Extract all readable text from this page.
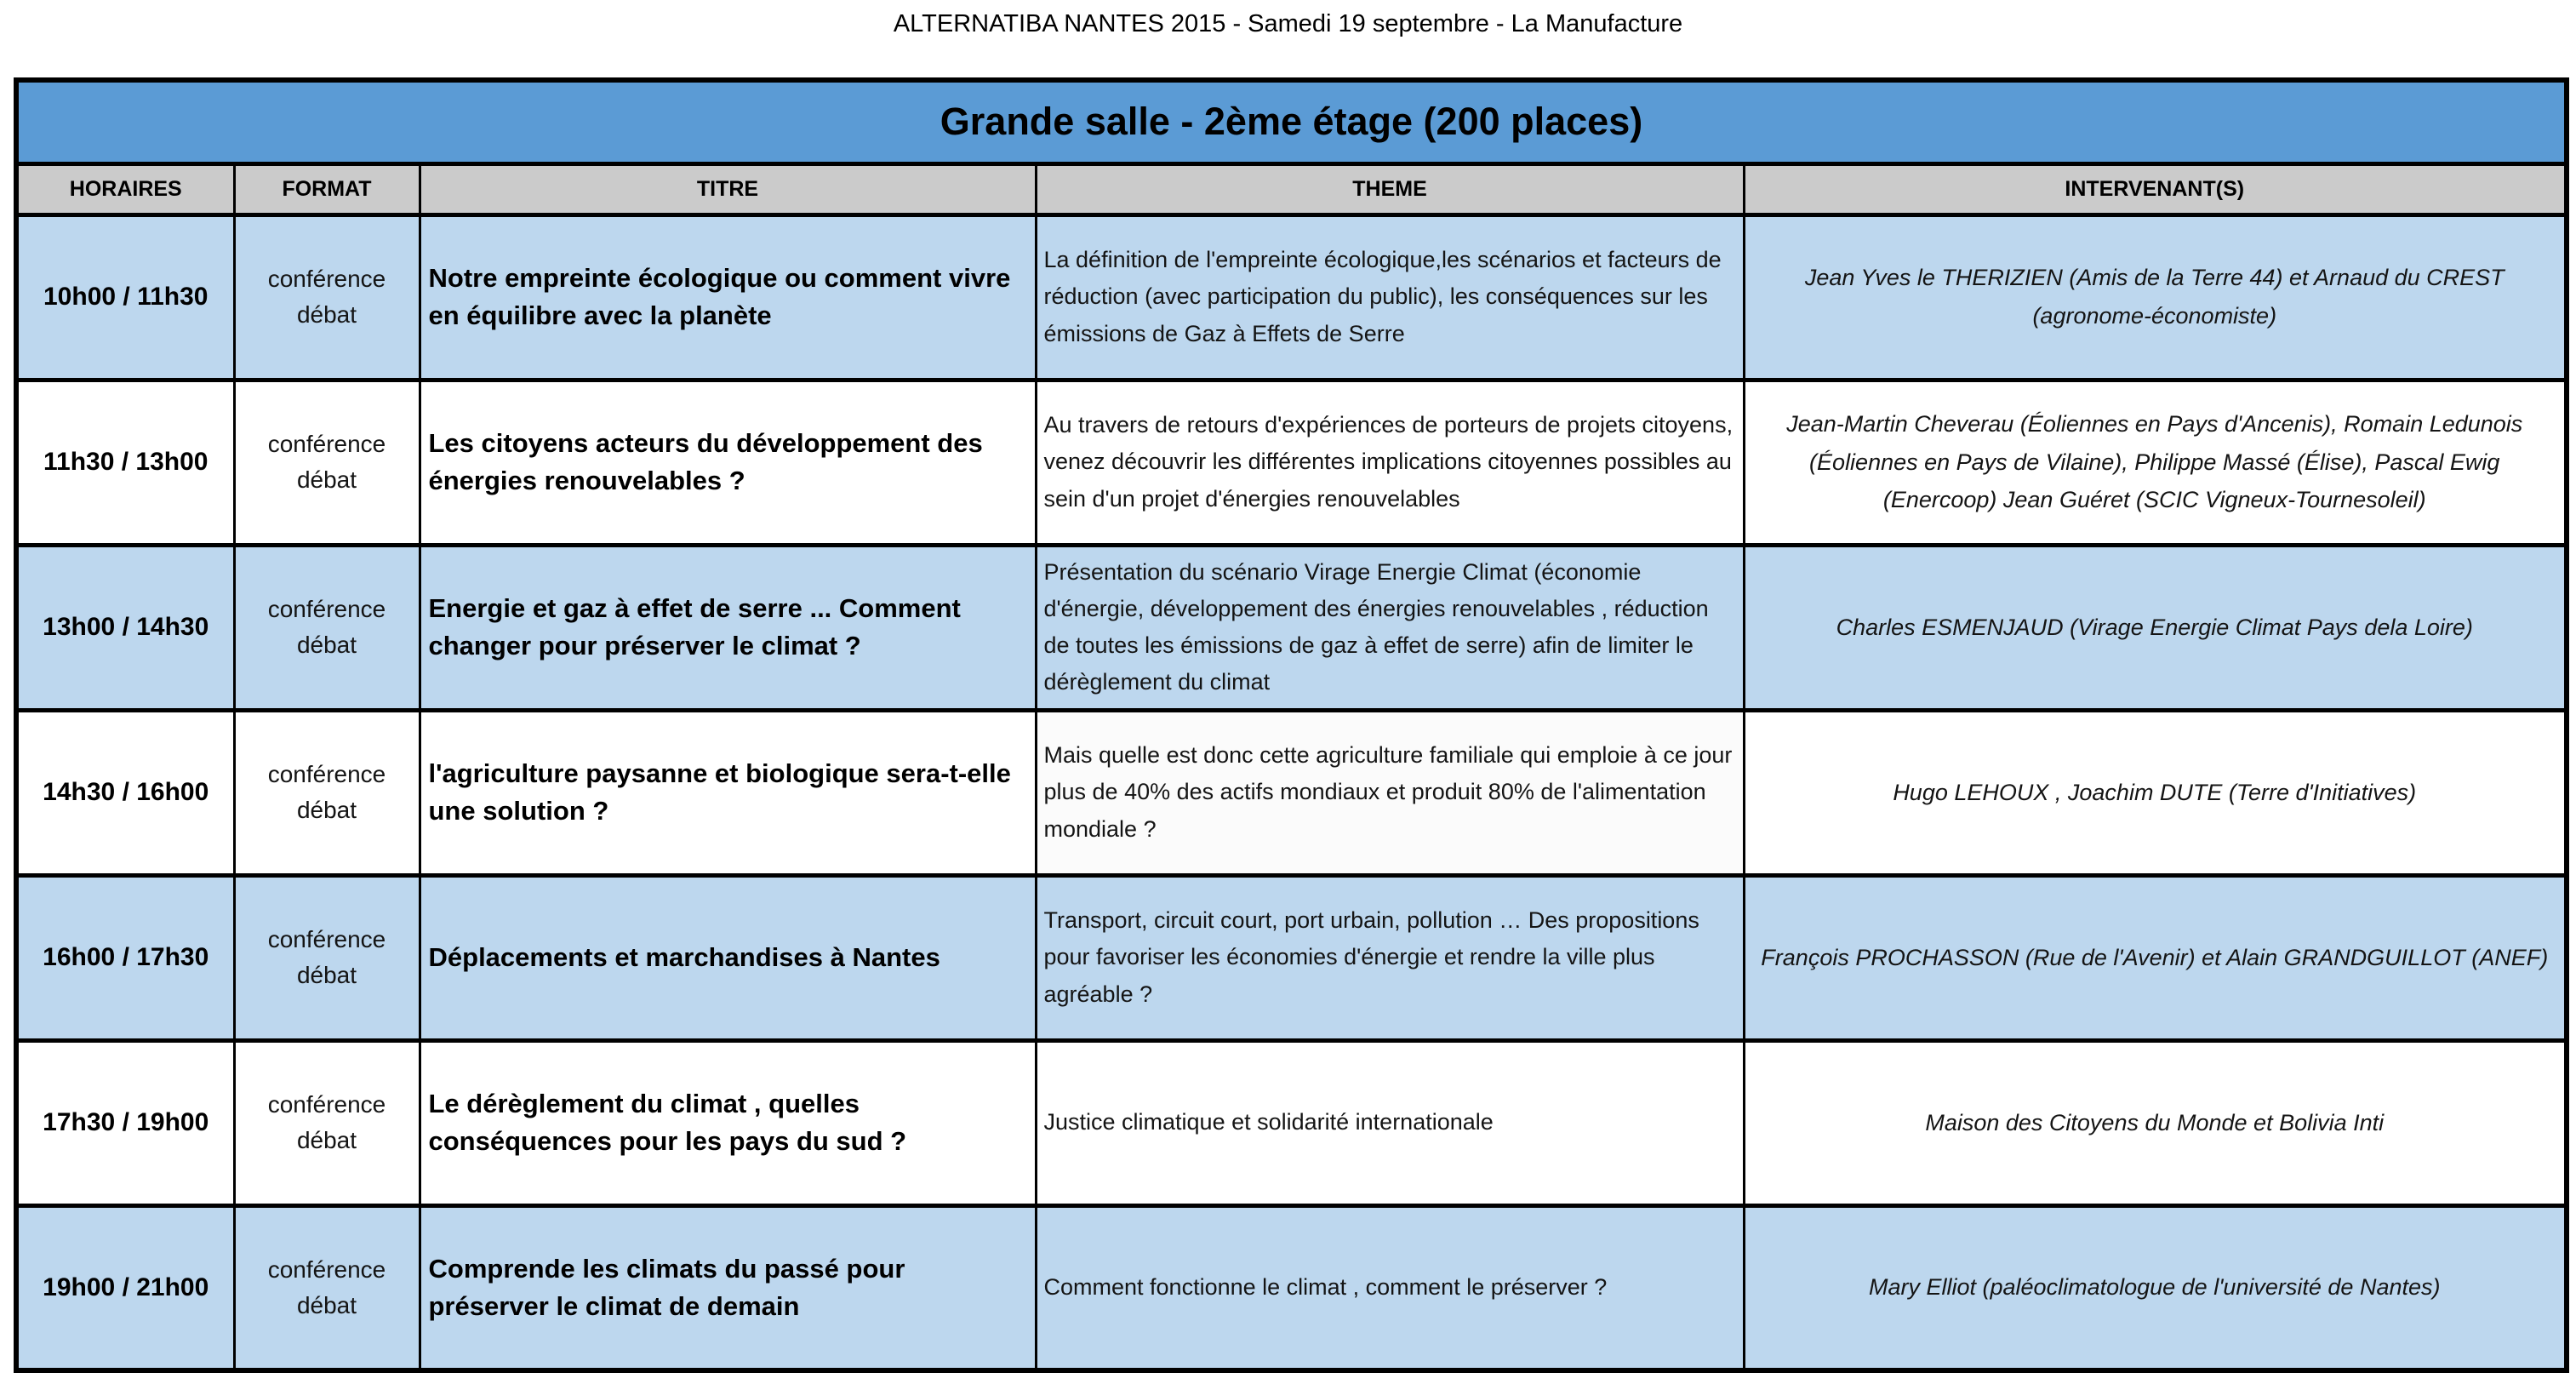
ALTERNATIBA NANTES 2015 - Samedi 19 septembre - La Manufacture
Grande salle - 2ème étage (200 places)				
HORAIRES	FORMAT	TITRE	THEME	INTERVENANT(S)
10h00 / 11h30	conférence débat	Notre empreinte écologique ou comment vivre en équilibre avec la planète	La définition de l'empreinte écologique,les scénarios et facteurs de réduction (avec participation du public), les conséquences sur les émissions de Gaz à Effets de Serre	Jean Yves le THERIZIEN (Amis de la Terre 44) et Arnaud du CREST (agronome-économiste)
11h30 / 13h00	conférence débat	Les citoyens acteurs du développement des énergies renouvelables ?	Au travers de retours d'expériences de porteurs de projets citoyens, venez découvrir les différentes implications citoyennes possibles au sein d'un projet d'énergies renouvelables	Jean-Martin Cheverau (Éoliennes en Pays d'Ancenis), Romain Ledunois (Éoliennes en Pays de Vilaine), Philippe Massé (Élise), Pascal Ewig (Enercoop) Jean Guéret (SCIC Vigneux-Tournesoleil)
13h00 / 14h30	conférence débat	Energie et gaz à effet de serre ... Comment changer pour préserver le climat ?	Présentation du scénario Virage Energie Climat (économie d'énergie, développement des énergies renouvelables , réduction de toutes les émissions de gaz à effet de serre) afin de limiter le dérèglement du climat	Charles ESMENJAUD (Virage Energie Climat Pays dela Loire)
14h30 / 16h00	conférence débat	l'agriculture paysanne et biologique sera-t-elle une solution ?	Mais quelle est donc cette agriculture familiale qui emploie à ce jour plus de 40% des actifs mondiaux et produit 80% de l'alimentation mondiale ?	Hugo LEHOUX , Joachim DUTE (Terre d'Initiatives)
16h00 / 17h30	conférence débat	Déplacements et marchandises à Nantes	Transport, circuit court, port urbain, pollution … Des propositions pour favoriser les économies d'énergie et rendre la ville plus agréable ?	François PROCHASSON (Rue de l'Avenir) et Alain GRANDGUILLOT (ANEF)
17h30 / 19h00	conférence débat	Le dérèglement du climat , quelles conséquences pour les pays du sud ?	Justice climatique et solidarité internationale	Maison des Citoyens du Monde et Bolivia Inti
19h00 / 21h00	conférence débat	Comprende les climats du passé pour préserver le climat de demain	Comment fonctionne le climat , comment le préserver ?	Mary Elliot (paléoclimatologue de l'université de Nantes)
